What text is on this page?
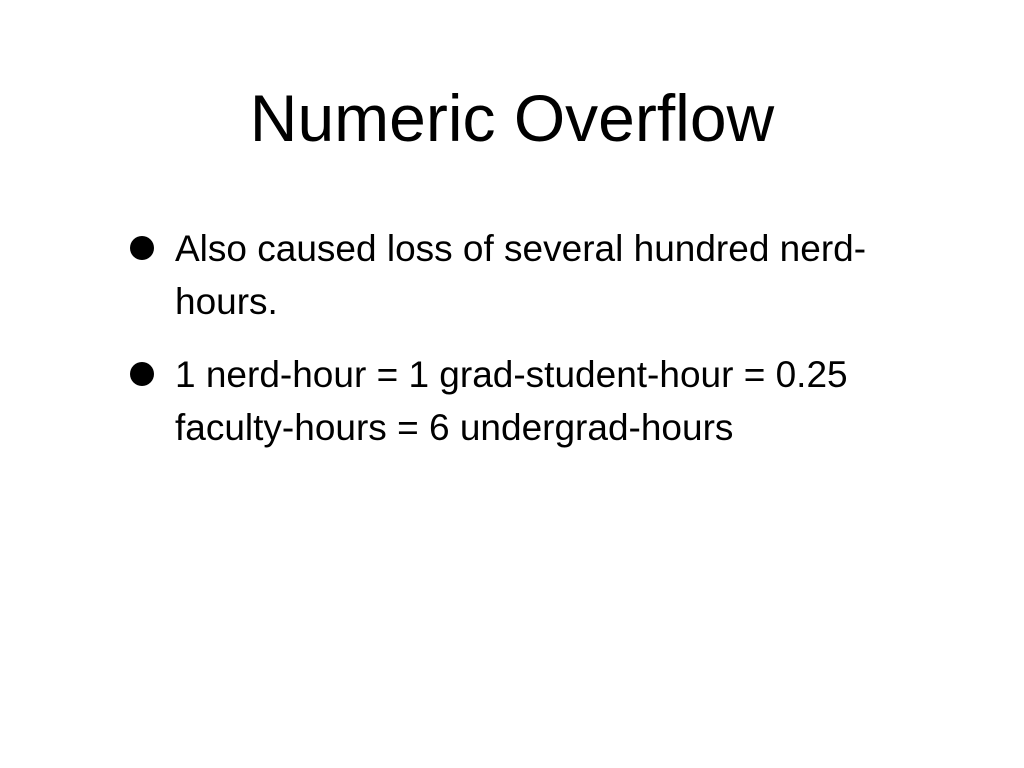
Numeric Overflow
Also caused loss of several hundred nerd-hours.
1 nerd-hour = 1 grad-student-hour = 0.25 faculty-hours = 6 undergrad-hours
